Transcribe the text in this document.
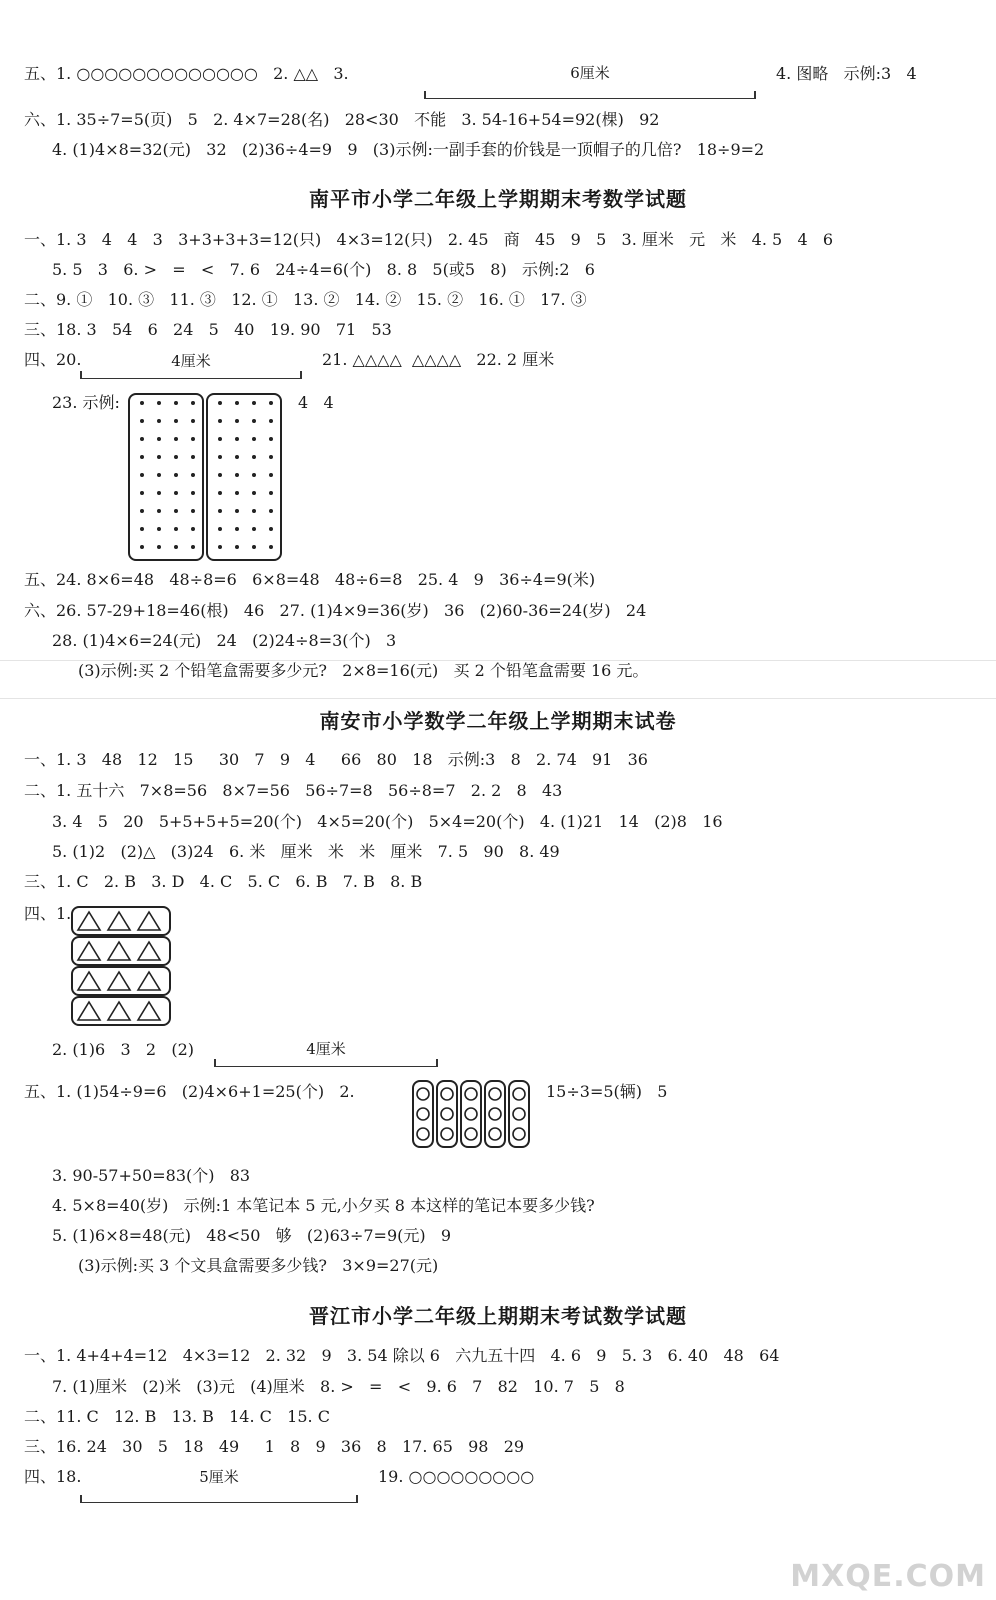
五、1. ○○○○○○○○○○○○○   2. △△   3.	6厘米	4. 图略   示例:3   4
六、1. 35÷7=5(页)   5   2. 4×7=28(名)   28<30   不能   3. 54-16+54=92(棵)   92
4. (1)4×8=32(元)   32   (2)36÷4=9   9   (3)示例:一副手套的价钱是一顶帽子的几倍?   18÷9=2
南平市小学二年级上学期期末考数学试题
一、1. 3   4   4   3   3+3+3+3=12(只)   4×3=12(只)   2. 45   商   45   9   5   3. 厘米   元   米   4. 5   4   6
5. 5   3   6. >   =   <   7. 6   24÷4=6(个)   8. 8   5(或5   8)   示例:2   6
二、9. ①   10. ③   11. ③   12. ①   13. ②   14. ②   15. ②   16. ①   17. ③
三、18. 3   54   6   24   5   40   19. 90   71   53
四、20.	4厘米	21. △△△△  △△△△   22. 2 厘米
23. 示例:	4   4
五、24. 8×6=48   48÷8=6   6×8=48   48÷6=8   25. 4   9   36÷4=9(米)
六、26. 57-29+18=46(根)   46   27. (1)4×9=36(岁)   36   (2)60-36=24(岁)   24
28. (1)4×6=24(元)   24   (2)24÷8=3(个)   3
(3)示例:买 2 个铅笔盒需要多少元?   2×8=16(元)   买 2 个铅笔盒需要 16 元。
南安市小学数学二年级上学期期末试卷
一、1. 3   48   12   15     30   7   9   4     66   80   18   示例:3   8   2. 74   91   36
二、1. 五十六   7×8=56   8×7=56   56÷7=8   56÷8=7   2. 2   8   43
3. 4   5   20   5+5+5+5=20(个)   4×5=20(个)   5×4=20(个)   4. (1)21   14   (2)8   16
5. (1)2   (2)△   (3)24   6. 米   厘米   米   米   厘米   7. 5   90   8. 49
三、1. C   2. B   3. D   4. C   5. C   6. B   7. B   8. B
四、1.
2. (1)6   3   2   (2)	4厘米
五、1. (1)54÷9=6   (2)4×6+1=25(个)   2.	15÷3=5(辆)   5
3. 90-57+50=83(个)   83
4. 5×8=40(岁)   示例:1 本笔记本 5 元,小夕买 8 本这样的笔记本要多少钱?
5. (1)6×8=48(元)   48<50   够   (2)63÷7=9(元)   9
(3)示例:买 3 个文具盒需要多少钱?   3×9=27(元)
晋江市小学二年级上期期末考试数学试题
一、1. 4+4+4=12   4×3=12   2. 32   9   3. 54 除以 6   六九五十四   4. 6   9   5. 3   6. 40   48   64
7. (1)厘米   (2)米   (3)元   (4)厘米   8. >   =   <   9. 6   7   82   10. 7   5   8
二、11. C   12. B   13. B   14. C   15. C
三、16. 24   30   5   18   49     1   8   9   36   8   17. 65   98   29
四、18.	5厘米	19. ○○○○○○○○○
MXQE.COM
